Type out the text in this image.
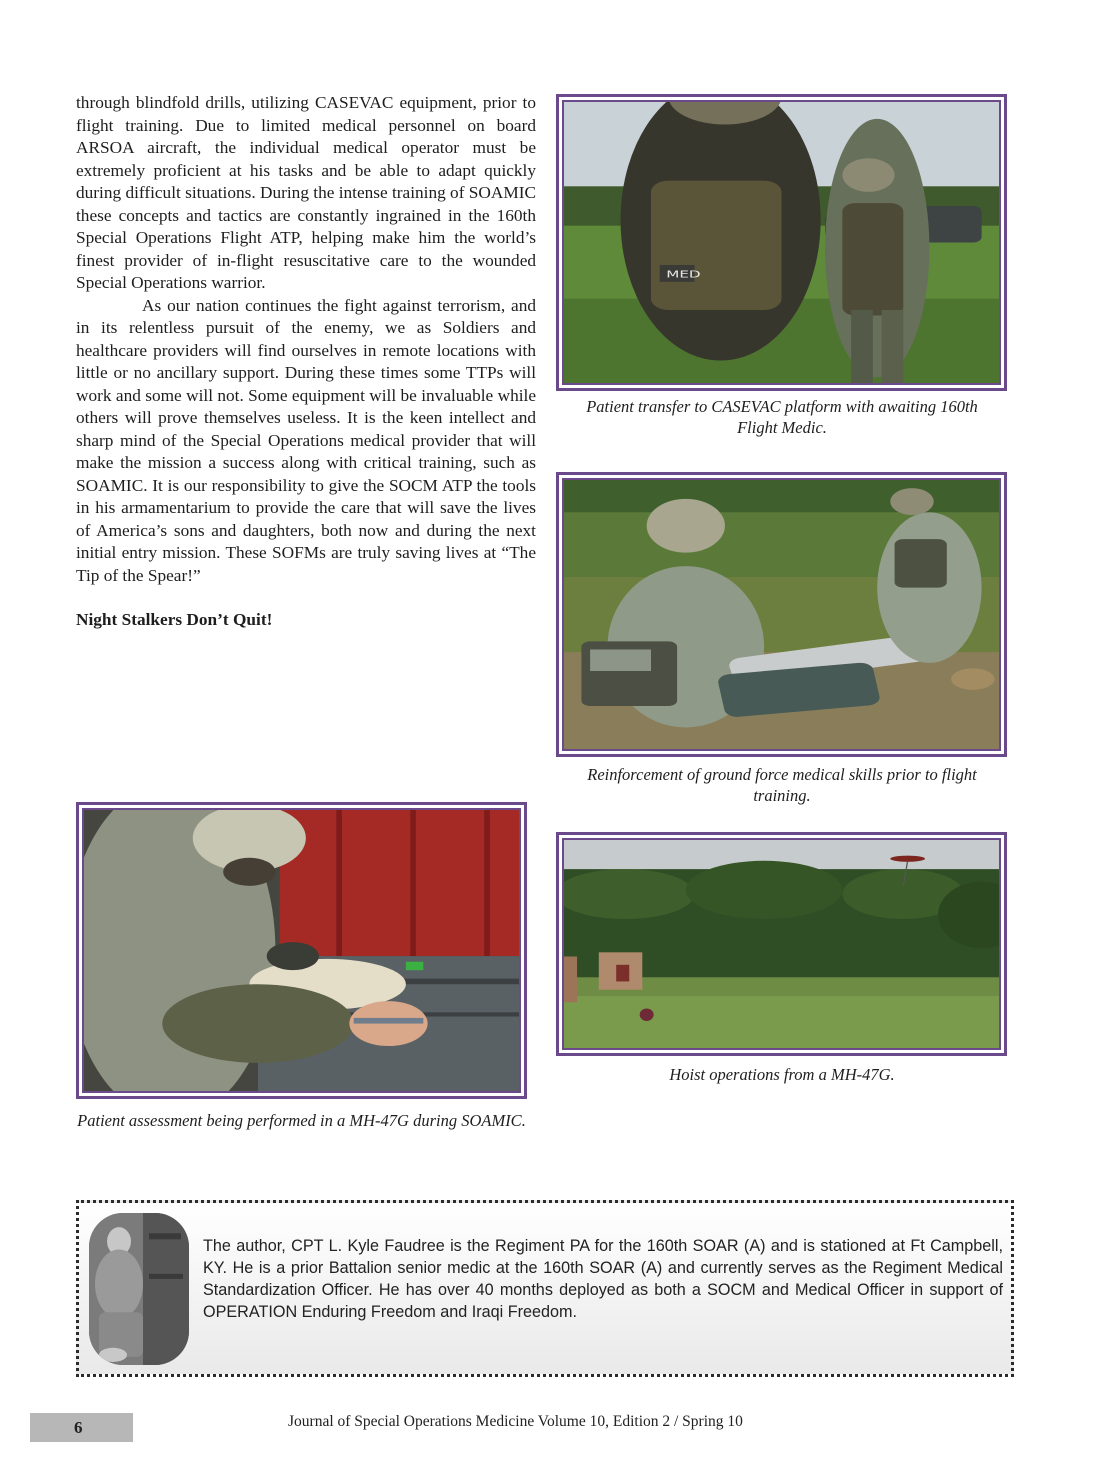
through blindfold drills, utilizing CASEVAC equipment, prior to flight training. Due to limited medical personnel on board ARSOA aircraft, the individual medical operator must be extremely proficient at his tasks and be able to adapt quickly during difficult situations. During the intense training of SOAMIC these concepts and tactics are constantly ingrained in the 160th Special Operations Flight ATP, helping make him the world’s finest provider of in-flight resuscitative care to the wounded Special Operations warrior.

As our nation continues the fight against terrorism, and in its relentless pursuit of the enemy, we as Soldiers and healthcare providers will find ourselves in remote locations with little or no ancillary support. During these times some TTPs will work and some will not. Some equipment will be invaluable while others will prove themselves useless. It is the keen intellect and sharp mind of the Special Operations medical provider that will make the mission a success along with critical training, such as SOAMIC. It is our responsibility to give the SOCM ATP the tools in his armamentarium to provide the care that will save the lives of America’s sons and daughters, both now and during the next initial entry mission. These SOFMs are truly saving lives at “The Tip of the Spear!”

Night Stalkers Don’t Quit!

MED
Patient transfer to CASEVAC platform with awaiting 160th Flight Medic.
Reinforcement of ground force medical skills prior to flight training.
Patient assessment being performed in a MH-47G during SOAMIC.
Hoist operations from a MH-47G.
The author, CPT L. Kyle Faudree is the Regiment PA for the 160th SOAR (A) and is stationed at Ft Campbell, KY. He is a prior Battalion senior medic at the 160th SOAR (A) and currently serves as the Regiment Medical Standardization Officer. He has over 40 months deployed as both a SOCM and Medical Officer in support of OPERATION Enduring Freedom and Iraqi Freedom.
6	Journal of Special Operations Medicine Volume 10, Edition 2 / Spring 10
